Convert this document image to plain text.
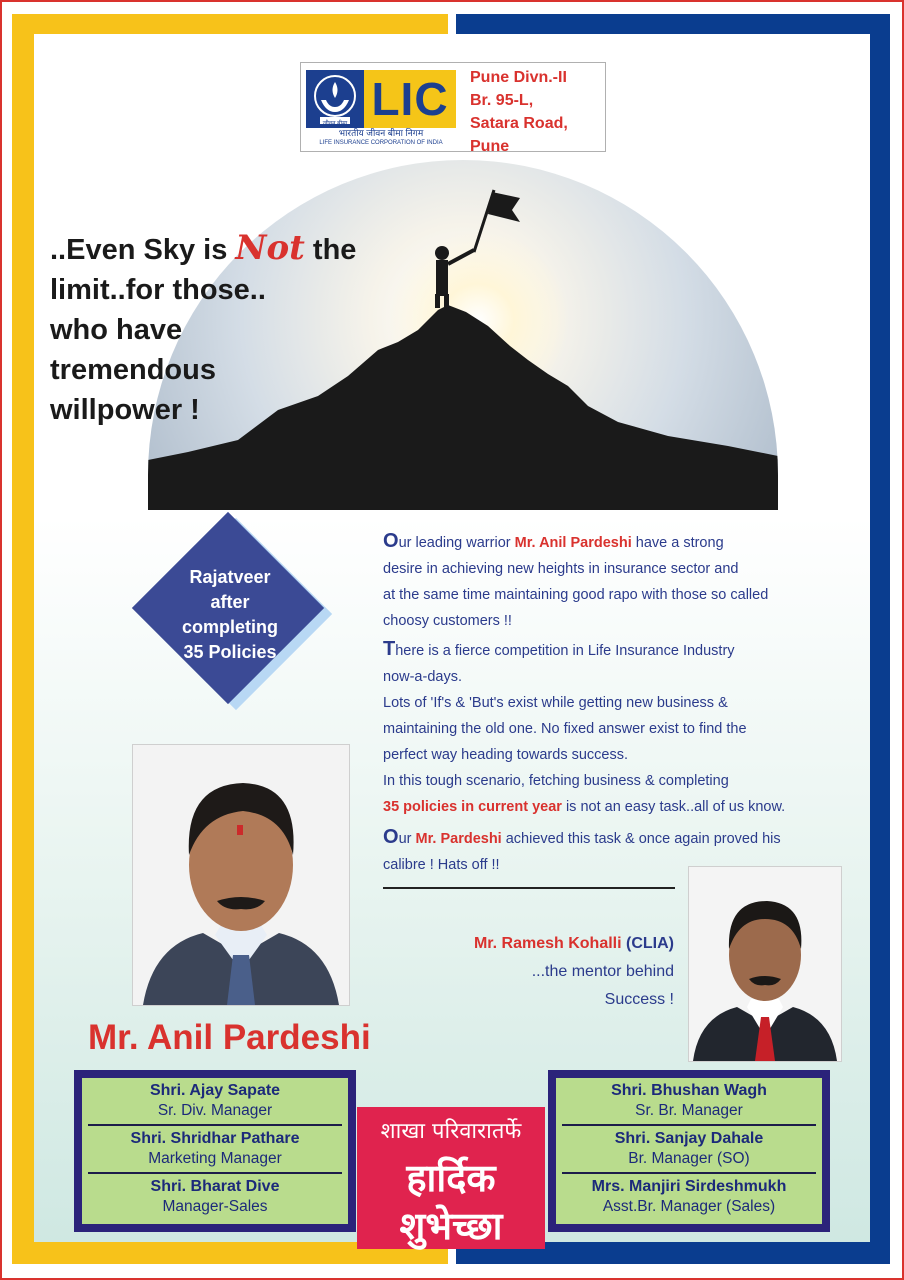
जीवन बीमा LIC
भारतीय जीवन बीमा निगम
LIFE INSURANCE CORPORATION OF INDIA
Pune Divn.-II
Br. 95-L,
Satara Road,
Pune
..Even Sky is Not the
limit..for those..
who have
tremendous
willpower !
Rajatveer
after
completing
35 Policies
Our leading warrior Mr. Anil Pardeshi have a strong
desire in achieving new heights in insurance sector and
at the same time maintaining good rapo with those so called
choosy customers !!
There is a fierce competition in Life Insurance Industry
now-a-days.
Lots of 'If's & 'But's exist while getting new business &
maintaining the old one. No fixed answer exist to find the
perfect way heading towards success.
In this tough scenario, fetching business & completing
35 policies in current year is not an easy task..all of us know.
Our Mr. Pardeshi achieved this task & once again proved his
calibre ! Hats off !!
Mr. Ramesh Kohalli (CLIA)
...the mentor behind
Success !
Mr. Anil Pardeshi
Shri. Ajay Sapate
Sr. Div. Manager
Shri. Shridhar Pathare
Marketing Manager
Shri. Bharat Dive
Manager-Sales
शाखा परिवारातर्फे
हार्दिक
शुभेच्छा
Shri. Bhushan Wagh
Sr. Br. Manager
Shri. Sanjay Dahale
Br. Manager (SO)
Mrs. Manjiri Sirdeshmukh
Asst.Br. Manager (Sales)
